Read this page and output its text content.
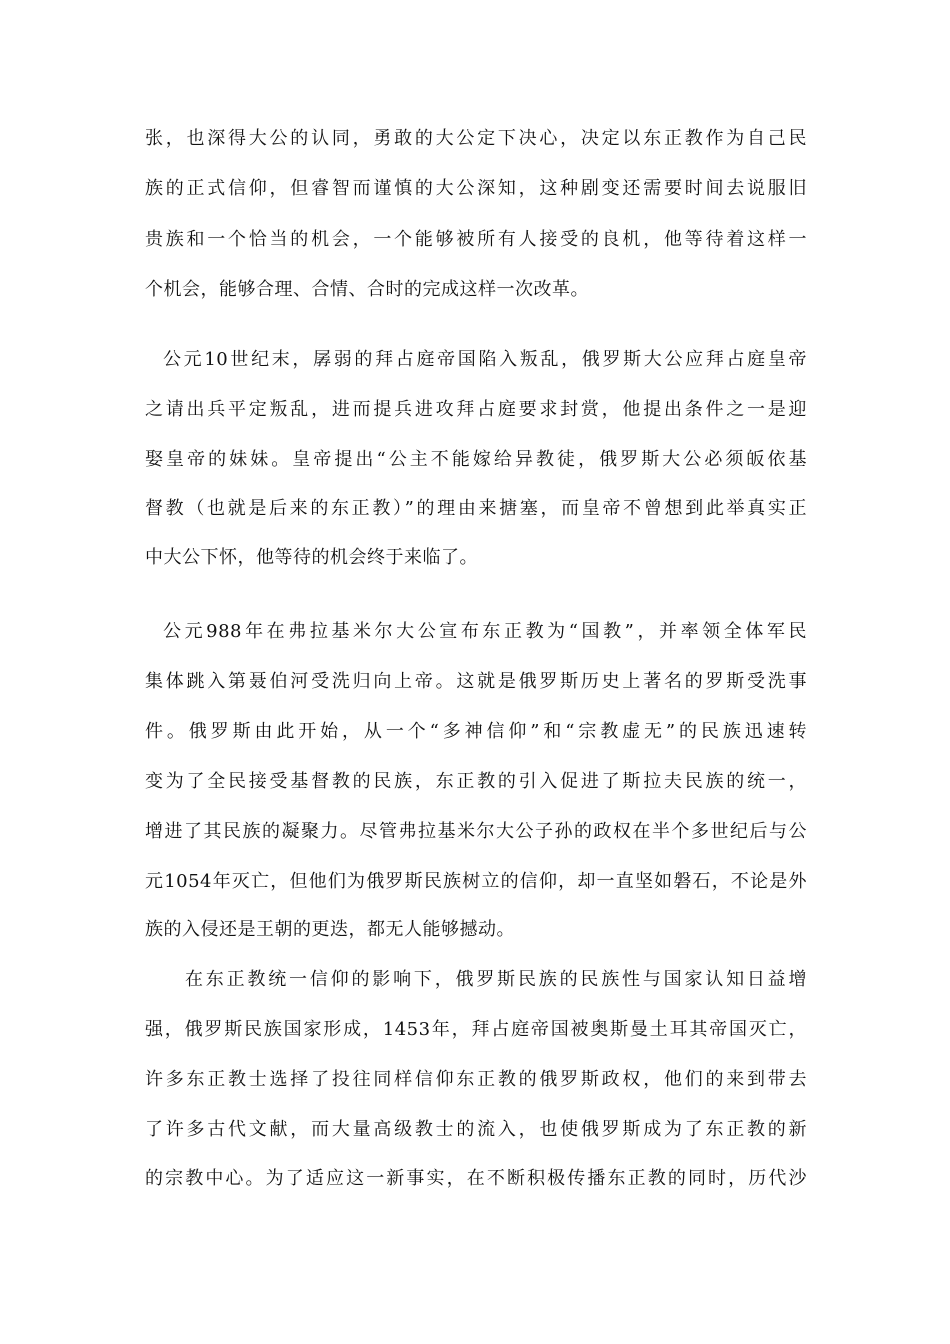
张，也深得大公的认同，勇敢的大公定下决心，决定以东正教作为自己民
族的正式信仰，但睿智而谨慎的大公深知，这种剧变还需要时间去说服旧
贵族和一个恰当的机会，一个能够被所有人接受的良机，他等待着这样一
个机会，能够合理、合情、合时的完成这样一次改革。
公元10世纪末，孱弱的拜占庭帝国陷入叛乱，俄罗斯大公应拜占庭皇帝
之请出兵平定叛乱，进而提兵进攻拜占庭要求封赏，他提出条件之一是迎
娶皇帝的妹妹。皇帝提出“公主不能嫁给异教徒，俄罗斯大公必须皈依基
督教（也就是后来的东正教）”的理由来搪塞，而皇帝不曾想到此举真实正
中大公下怀，他等待的机会终于来临了。
公元988年在弗拉基米尔大公宣布东正教为“国教”，并率领全体军民
集体跳入第聂伯河受洗归向上帝。这就是俄罗斯历史上著名的罗斯受洗事
件。俄罗斯由此开始，从一个“多神信仰”和“宗教虚无”的民族迅速转
变为了全民接受基督教的民族，东正教的引入促进了斯拉夫民族的统一，
增进了其民族的凝聚力。尽管弗拉基米尔大公子孙的政权在半个多世纪后与公
元1054年灭亡，但他们为俄罗斯民族树立的信仰，却一直坚如磐石，不论是外
族的入侵还是王朝的更迭，都无人能够撼动。
在东正教统一信仰的影响下，俄罗斯民族的民族性与国家认知日益增
强，俄罗斯民族国家形成，1453年，拜占庭帝国被奥斯曼土耳其帝国灭亡，
许多东正教士选择了投往同样信仰东正教的俄罗斯政权，他们的来到带去
了许多古代文献，而大量高级教士的流入，也使俄罗斯成为了东正教的新
的宗教中心。为了适应这一新事实，在不断积极传播东正教的同时，历代沙
